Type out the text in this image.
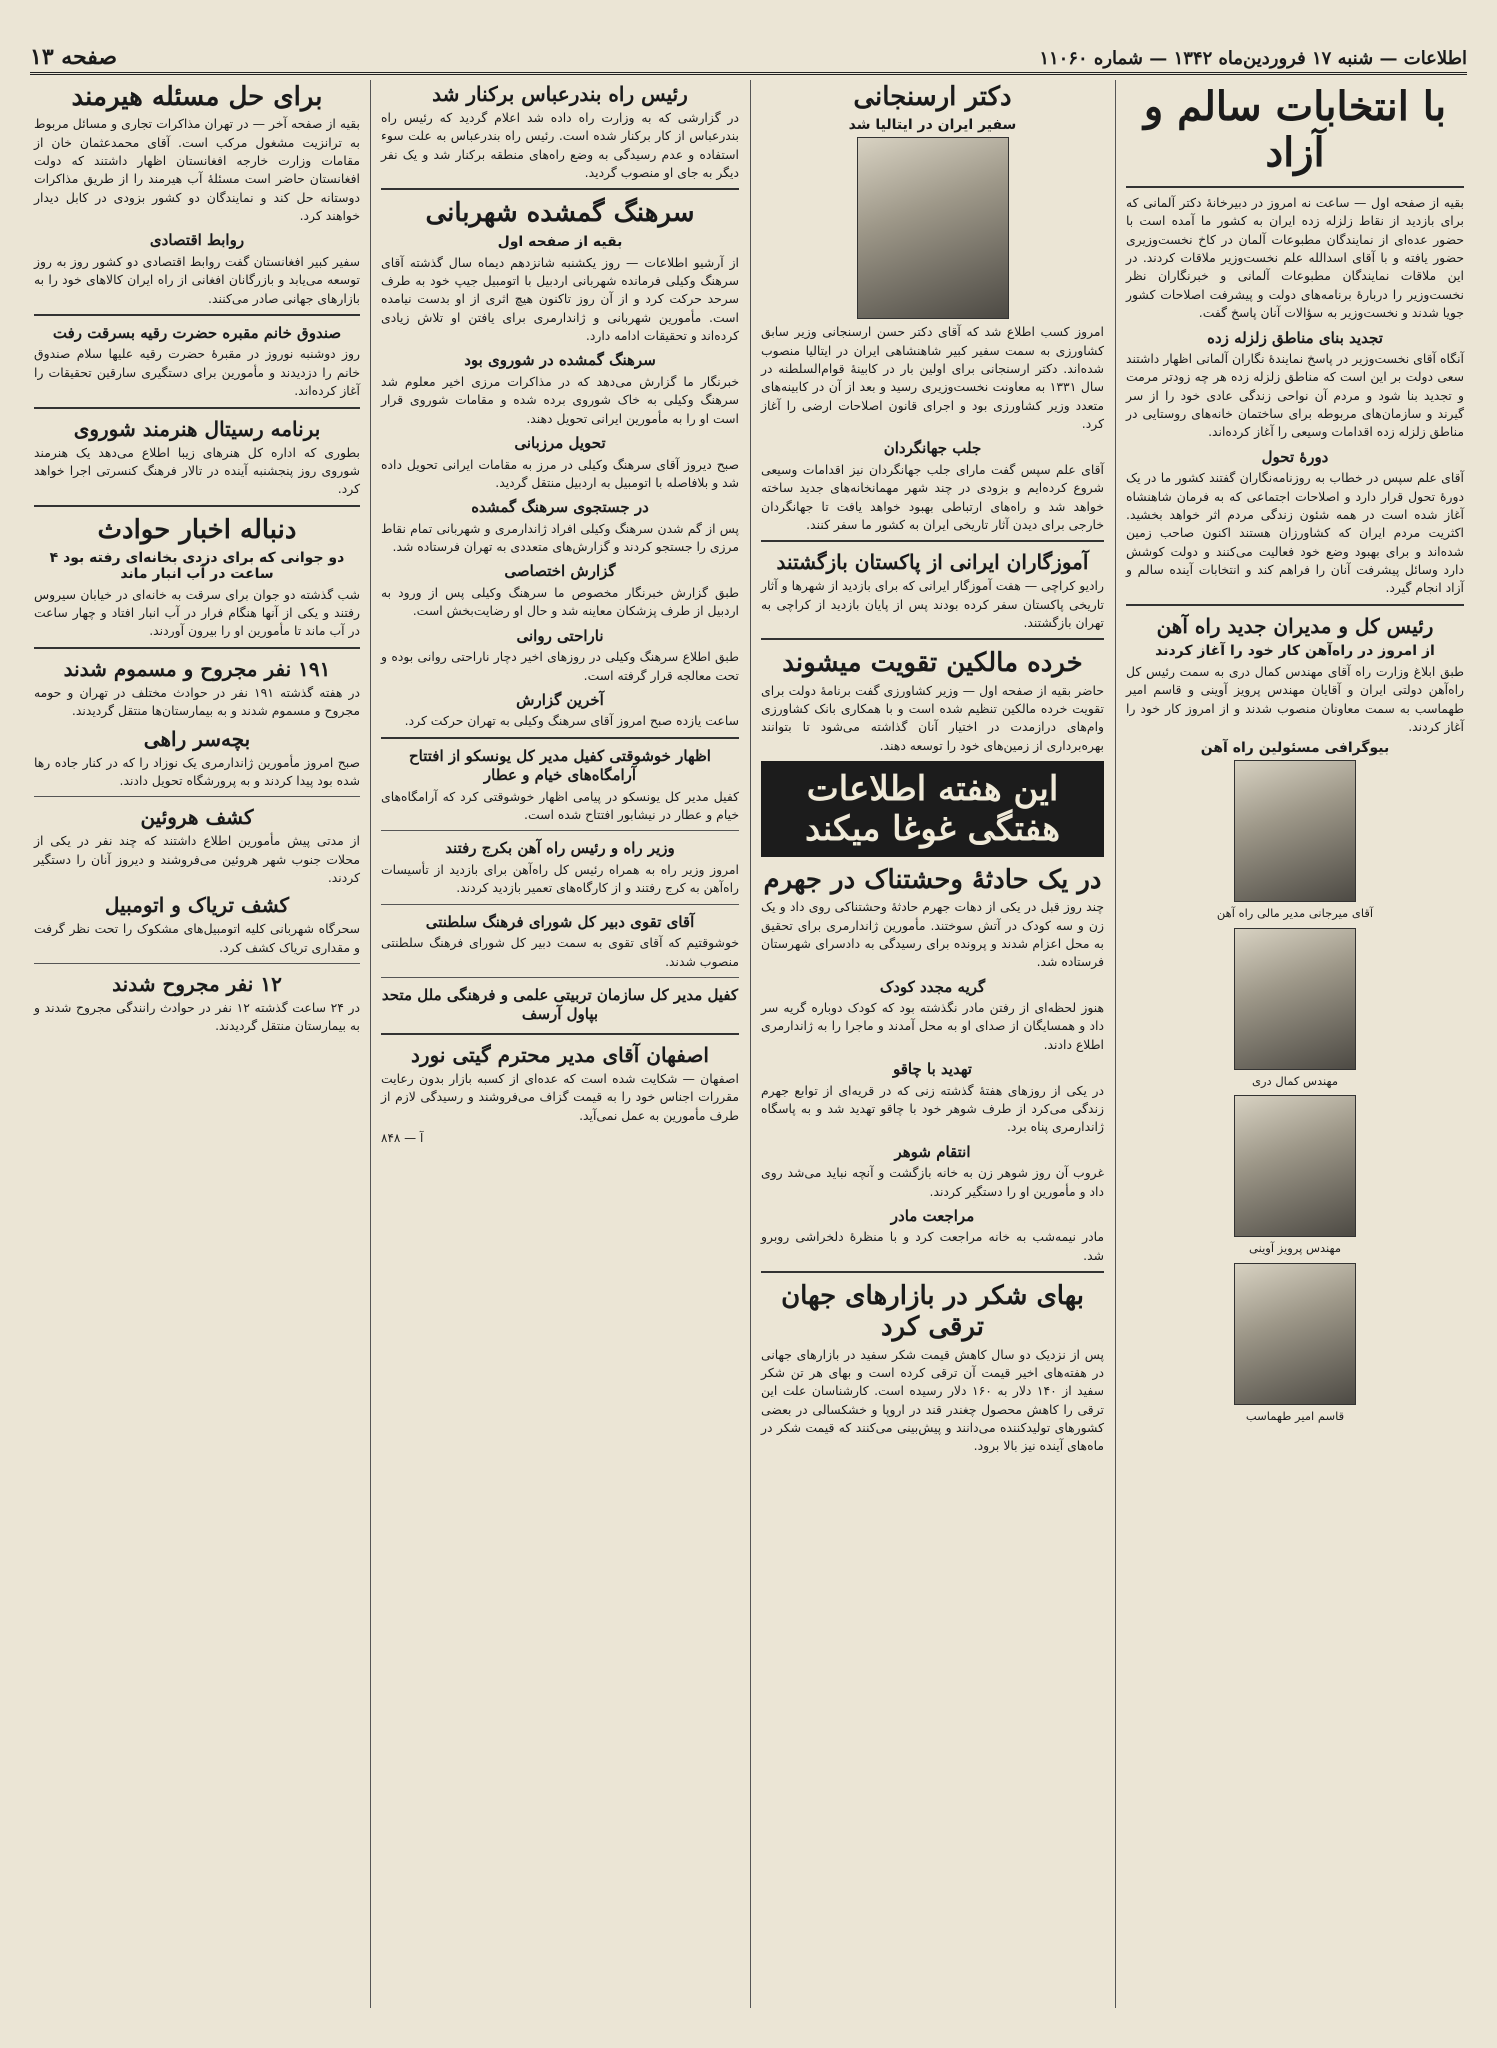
اطلاعات — شنبه ۱۷ فروردین‌ماه ۱۳۴۲ — شماره ۱۱۰۶۰
صفحه ۱۳
با انتخابات سالم و آزاد

بقیه از صفحه اول — ساعت نه امروز در دبیرخانهٔ دکتر آلمانی که برای بازدید از نقاط زلزله زده ایران به کشور ما آمده است با حضور عده‌ای از نمایندگان مطبوعات آلمان در کاخ نخست‌وزیری حضور یافته و با آقای اسدالله علم نخست‌وزیر ملاقات کردند. در این ملاقات نمایندگان مطبوعات آلمانی و خبرنگاران نظر نخست‌وزیر را دربارهٔ برنامه‌های دولت و پیشرفت اصلاحات کشور جویا شدند و نخست‌وزیر به سؤالات آنان پاسخ گفت.

تجدید بنای مناطق زلزله زده

آنگاه آقای نخست‌وزیر در پاسخ نمایندهٔ نگاران آلمانی اظهار داشتند سعی دولت بر این است که مناطق زلزله زده هر چه زودتر مرمت و تجدید بنا شود و مردم آن نواحی زندگی عادی خود را از سر گیرند و سازمان‌های مربوطه برای ساختمان خانه‌های روستایی در مناطق زلزله زده اقدامات وسیعی را آغاز کرده‌اند.

دورهٔ تحول

آقای علم سپس در خطاب به روزنامه‌نگاران گفتند کشور ما در یک دورهٔ تحول قرار دارد و اصلاحات اجتماعی که به فرمان شاهنشاه آغاز شده است در همه شئون زندگی مردم اثر خواهد بخشید. اکثریت مردم ایران که کشاورزان هستند اکنون صاحب زمین شده‌اند و برای بهبود وضع خود فعالیت می‌کنند و دولت کوشش دارد وسائل پیشرفت آنان را فراهم کند و انتخابات آینده سالم و آزاد انجام گیرد.

رئیس کل و مدیران جدید راه آهن
از امروز در راه‌آهن کار خود را آغاز کردند

طبق ابلاغ وزارت راه آقای مهندس کمال دری به سمت رئیس کل راه‌آهن دولتی ایران و آقایان مهندس پرویز آوینی و قاسم امیر طهماسب به سمت معاونان منصوب شدند و از امروز کار خود را آغاز کردند.

بیوگرافی مسئولین راه آهن
آقای میرجانی مدیر مالی راه آهن
مهندس کمال دری
مهندس پرویز آوینی
قاسم امیر طهماسب
دکتر ارسنجانی
سفیر ایران در ایتالیا شد

امروز کسب اطلاع شد که آقای دکتر حسن ارسنجانی وزیر سابق کشاورزی به سمت سفیر کبیر شاهنشاهی ایران در ایتالیا منصوب شده‌اند. دکتر ارسنجانی برای اولین بار در کابینهٔ قوام‌السلطنه در سال ۱۳۳۱ به معاونت نخست‌وزیری رسید و بعد از آن در کابینه‌های متعدد وزیر کشاورزی بود و اجرای قانون اصلاحات ارضی را آغاز کرد.

جلب جهانگردان

آقای علم سپس گفت مارای جلب جهانگردان نیز اقدامات وسیعی شروع کرده‌ایم و بزودی در چند شهر مهمانخانه‌های جدید ساخته خواهد شد و راه‌های ارتباطی بهبود خواهد یافت تا جهانگردان خارجی برای دیدن آثار تاریخی ایران به کشور ما سفر کنند.

آموزگاران ایرانی از پاکستان بازگشتند

رادیو کراچی — هفت آموزگار ایرانی که برای بازدید از شهرها و آثار تاریخی پاکستان سفر کرده بودند پس از پایان بازدید از کراچی به تهران بازگشتند.

خرده مالکین تقویت میشوند

حاضر بقیه از صفحه اول — وزیر کشاورزی گفت برنامهٔ دولت برای تقویت خرده مالکین تنظیم شده است و با همکاری بانک کشاورزی وام‌های درازمدت در اختیار آنان گذاشته می‌شود تا بتوانند بهره‌برداری از زمین‌های خود را توسعه دهند.

این هفته اطلاعات هفتگی غوغا میکند
در یک حادثهٔ وحشتناک در جهرم

چند روز قبل در یکی از دهات جهرم حادثهٔ وحشتناکی روی داد و یک زن و سه کودک در آتش سوختند. مأمورین ژاندارمری برای تحقیق به محل اعزام شدند و پرونده برای رسیدگی به دادسرای شهرستان فرستاده شد.

گریه مجدد کودک

هنوز لحظه‌ای از رفتن مادر نگذشته بود که کودک دوباره گریه سر داد و همسایگان از صدای او به محل آمدند و ماجرا را به ژاندارمری اطلاع دادند.

تهدید با چاقو

در یکی از روزهای هفتهٔ گذشته زنی که در قریه‌ای از توابع جهرم زندگی می‌کرد از طرف شوهر خود با چاقو تهدید شد و به پاسگاه ژاندارمری پناه برد.

انتقام شوهر

غروب آن روز شوهر زن به خانه بازگشت و آنچه نباید می‌شد روی داد و مأمورین او را دستگیر کردند.

مراجعت مادر

مادر نیمه‌شب به خانه مراجعت کرد و با منظرهٔ دلخراشی روبرو شد.

بهای شکر در بازارهای جهان ترقی کرد

پس از نزدیک دو سال کاهش قیمت شکر سفید در بازارهای جهانی در هفته‌های اخیر قیمت آن ترقی کرده است و بهای هر تن شکر سفید از ۱۴۰ دلار به ۱۶۰ دلار رسیده است. کارشناسان علت این ترقی را کاهش محصول چغندر قند در اروپا و خشکسالی در بعضی کشورهای تولیدکننده می‌دانند و پیش‌بینی می‌کنند که قیمت شکر در ماه‌های آینده نیز بالا برود.

رئیس راه بندرعباس برکنار شد

در گزارشی که به وزارت راه داده شد اعلام گردید که رئیس راه بندرعباس از کار برکنار شده است. رئیس راه بندرعباس به علت سوء استفاده و عدم رسیدگی به وضع راه‌های منطقه برکنار شد و یک نفر دیگر به جای او منصوب گردید.

سرهنگ گمشده شهربانی
بقیه از صفحه اول

از آرشیو اطلاعات — روز یکشنبه شانزدهم دیماه سال گذشته آقای سرهنگ وکیلی فرمانده شهربانی اردبیل با اتومبیل جیپ خود به طرف سرحد حرکت کرد و از آن روز تاکنون هیچ اثری از او بدست نیامده است. مأمورین شهربانی و ژاندارمری برای یافتن او تلاش زیادی کرده‌اند و تحقیقات ادامه دارد.

سرهنگ گمشده در شوروی بود

خبرنگار ما گزارش می‌دهد که در مذاکرات مرزی اخیر معلوم شد سرهنگ وکیلی به خاک شوروی برده شده و مقامات شوروی قرار است او را به مأمورین ایرانی تحویل دهند.

تحویل مرزبانی

صبح دیروز آقای سرهنگ وکیلی در مرز به مقامات ایرانی تحویل داده شد و بلافاصله با اتومبیل به اردبیل منتقل گردید.

در جستجوی سرهنگ گمشده

پس از گم شدن سرهنگ وکیلی افراد ژاندارمری و شهربانی تمام نقاط مرزی را جستجو کردند و گزارش‌های متعددی به تهران فرستاده شد.

گزارش اختصاصی

طبق گزارش خبرنگار مخصوص ما سرهنگ وکیلی پس از ورود به اردبیل از طرف پزشکان معاینه شد و حال او رضایت‌بخش است.

ناراحتی روانی

طبق اطلاع سرهنگ وکیلی در روزهای اخیر دچار ناراحتی روانی بوده و تحت معالجه قرار گرفته است.

آخرین گزارش

ساعت یازده صبح امروز آقای سرهنگ وکیلی به تهران حرکت کرد.

اظهار خوشوقتی کفیل مدیر کل یونسکو از افتتاح آرامگاه‌های خیام و عطار

کفیل مدیر کل یونسکو در پیامی اظهار خوشوقتی کرد که آرامگاه‌های خیام و عطار در نیشابور افتتاح شده است.

وزیر راه و رئیس راه آهن بکرج رفتند

امروز وزیر راه به همراه رئیس کل راه‌آهن برای بازدید از تأسیسات راه‌آهن به کرج رفتند و از کارگاه‌های تعمیر بازدید کردند.

آقای تقوی دبیر کل شورای فرهنگ سلطنتی

خوشوقتیم که آقای تقوی به سمت دبیر کل شورای فرهنگ سلطنتی منصوب شدند.

کفیل مدیر کل سازمان تربیتی علمی و فرهنگی ملل متحد بپاول آرسف
اصفهان آقای مدیر محترم گیتی نورد

اصفهان — شکایت شده است که عده‌ای از کسبه بازار بدون رعایت مقررات اجناس خود را به قیمت گزاف می‌فروشند و رسیدگی لازم از طرف مأمورین به عمل نمی‌آید.

آ — ۸۴۸
برای حل مسئله هیرمند

بقیه از صفحه آخر — در تهران مذاکرات تجاری و مسائل مربوط به ترانزیت مشغول مرکب است. آقای محمدعثمان خان از مقامات وزارت خارجه افغانستان اظهار داشتند که دولت افغانستان حاضر است مسئلهٔ آب هیرمند را از طریق مذاکرات دوستانه حل کند و نمایندگان دو کشور بزودی در کابل دیدار خواهند کرد.

روابط اقتصادی

سفیر کبیر افغانستان گفت روابط اقتصادی دو کشور روز به روز توسعه می‌یابد و بازرگانان افغانی از راه ایران کالاهای خود را به بازارهای جهانی صادر می‌کنند.

صندوق خانم مقبره حضرت رقیه بسرقت رفت

روز دوشنبه نوروز در مقبرهٔ حضرت رقیه علیها سلام صندوق خانم را دزدیدند و مأمورین برای دستگیری سارقین تحقیقات را آغاز کرده‌اند.

برنامه رسیتال هنرمند شوروی

بطوری که اداره کل هنرهای زیبا اطلاع می‌دهد یک هنرمند شوروی روز پنجشنبه آینده در تالار فرهنگ کنسرتی اجرا خواهد کرد.

دنباله اخبار حوادث
دو جوانی که برای دزدی بخانه‌ای رفته بود ۴ ساعت در آب انبار ماند

شب گذشته دو جوان برای سرقت به خانه‌ای در خیابان سیروس رفتند و یکی از آنها هنگام فرار در آب انبار افتاد و چهار ساعت در آب ماند تا مأمورین او را بیرون آوردند.

۱۹۱ نفر مجروح و مسموم شدند

در هفته گذشته ۱۹۱ نفر در حوادث مختلف در تهران و حومه مجروح و مسموم شدند و به بیمارستان‌ها منتقل گردیدند.

بچه‌سر راهی

صبح امروز مأمورین ژاندارمری یک نوزاد را که در کنار جاده رها شده بود پیدا کردند و به پرورشگاه تحویل دادند.

کشف هروئین

از مدتی پیش مأمورین اطلاع داشتند که چند نفر در یکی از محلات جنوب شهر هروئین می‌فروشند و دیروز آنان را دستگیر کردند.

کشف تریاک و اتومبیل

سحرگاه شهربانی کلیه اتومبیل‌های مشکوک را تحت نظر گرفت و مقداری تریاک کشف کرد.

۱۲ نفر مجروح شدند

در ۲۴ ساعت گذشته ۱۲ نفر در حوادث رانندگی مجروح شدند و به بیمارستان منتقل گردیدند.
